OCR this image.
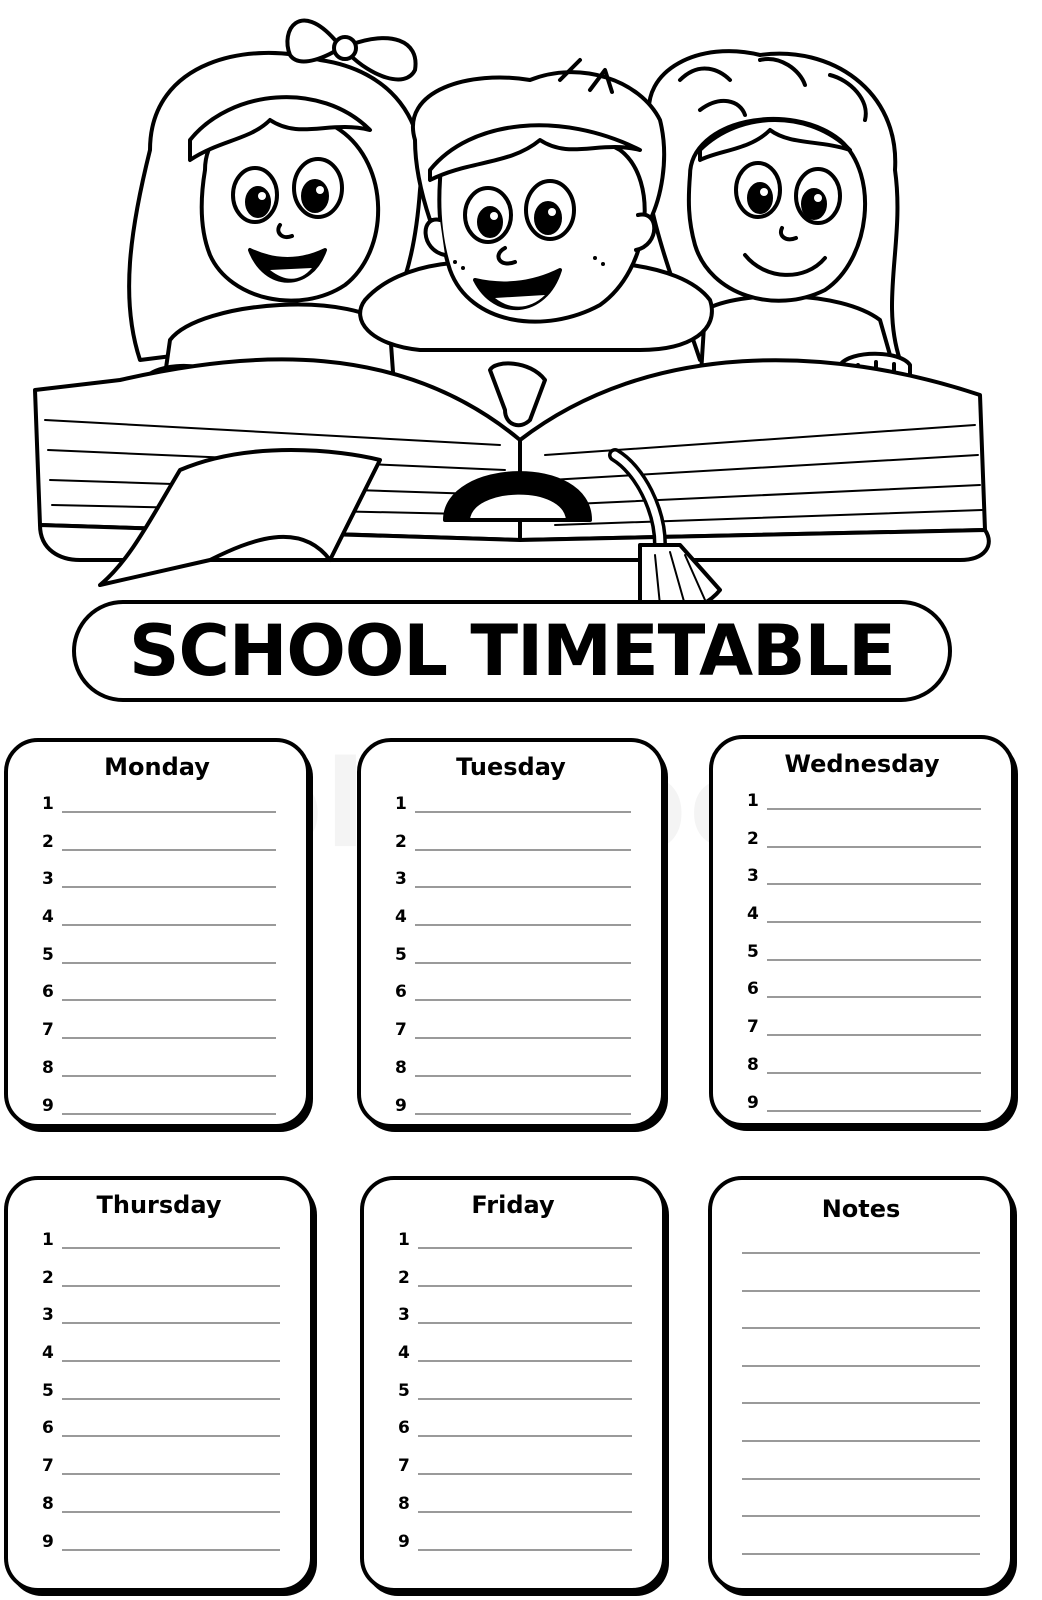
SCHOOL TIMETABLE
Monday
1
2
3
4
5
6
7
8
9
Tuesday
1
2
3
4
5
6
7
8
9
Wednesday
1
2
3
4
5
6
7
8
9
Thursday
1
2
3
4
5
6
7
8
9
Friday
1
2
3
4
5
6
7
8
9
Notes
